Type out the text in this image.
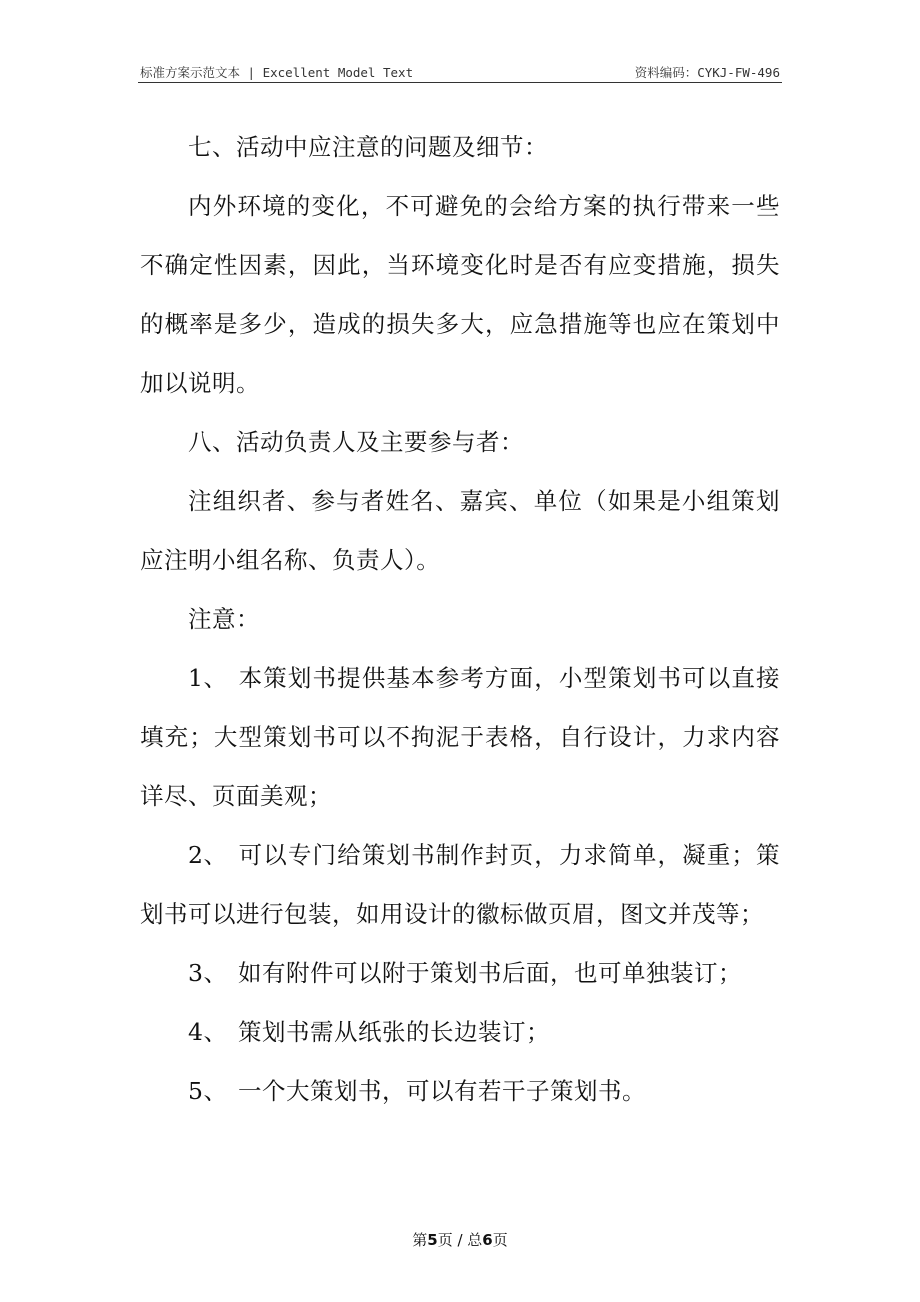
标准方案示范文本 | Excellent Model Text	资料编码：CYKJ-FW-496

七、活动中应注意的问题及细节：

内外环境的变化，不可避免的会给方案的执行带来一些不确定性因素，因此，当环境变化时是否有应变措施，损失的概率是多少，造成的损失多大，应急措施等也应在策划中加以说明。

八、活动负责人及主要参与者：

注组织者、参与者姓名、嘉宾、单位（如果是小组策划应注明小组名称、负责人）。

注意：

1、 本策划书提供基本参考方面，小型策划书可以直接填充；大型策划书可以不拘泥于表格，自行设计，力求内容详尽、页面美观；

2、 可以专门给策划书制作封页，力求简单，凝重；策划书可以进行包装，如用设计的徽标做页眉，图文并茂等；

3、 如有附件可以附于策划书后面，也可单独装订；

4、 策划书需从纸张的长边装订；

5、 一个大策划书，可以有若干子策划书。

第5页 / 总6页
